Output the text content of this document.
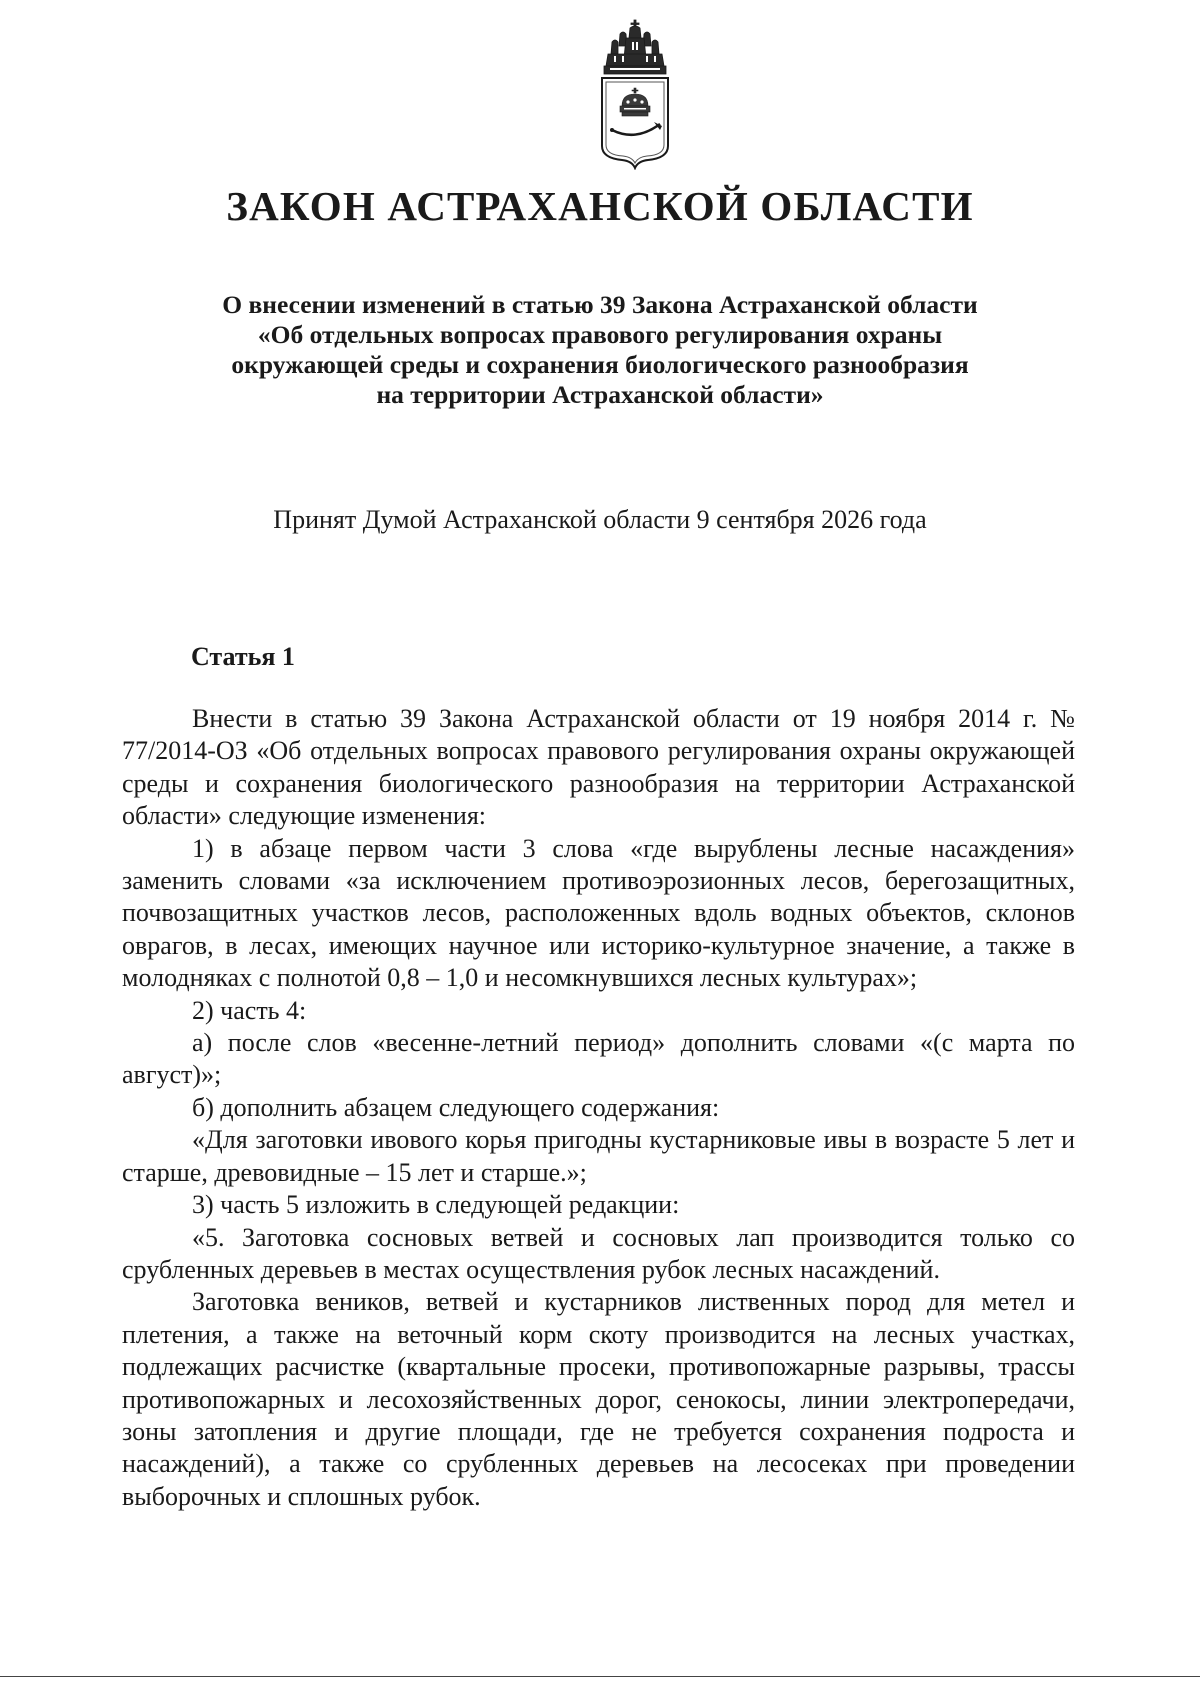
ЗАКОН АСТРАХАНСКОЙ ОБЛАСТИ
О внесении изменений в статью 39 Закона Астраханской области
«Об отдельных вопросах правового регулирования охраны
окружающей среды и сохранения биологического разнообразия
на территории Астраханской области»
Принят Думой Астраханской области 9 сентября 2026 года
Статья 1

Внести в статью 39 Закона Астраханской области от 19 ноября 2014 г. № 77/2014-ОЗ «Об отдельных вопросах правового регулирования охраны окружающей среды и сохранения биологического разнообразия на территории Астраханской области» следующие изменения:

1) в абзаце первом части 3 слова «где вырублены лесные насаждения» заменить словами «за исключением противоэрозионных лесов, берегозащитных, почвозащитных участков лесов, расположенных вдоль водных объектов, склонов оврагов, в лесах, имеющих научное или историко-культурное значение, а также в молодняках с полнотой 0,8 – 1,0 и несомкнувшихся лесных культурах»;

2) часть 4:

а) после слов «весенне-летний период» дополнить словами «(с марта по август)»;

б) дополнить абзацем следующего содержания:

«Для заготовки ивового корья пригодны кустарниковые ивы в возрасте 5 лет и старше, древовидные – 15 лет и старше.»;

3) часть 5 изложить в следующей редакции:

«5. Заготовка сосновых ветвей и сосновых лап производится только со срубленных деревьев в местах осуществления рубок лесных насаждений.

Заготовка веников, ветвей и кустарников лиственных пород для метел и плетения, а также на веточный корм скоту производится на лесных участках, подлежащих расчистке (квартальные просеки, противопожарные разрывы, трассы противопожарных и лесохозяйственных дорог, сенокосы, линии электропередачи, зоны затопления и другие площади, где не требуется сохранения подроста и насаждений), а также со срубленных деревьев на лесосеках при проведении выборочных и сплошных рубок.
